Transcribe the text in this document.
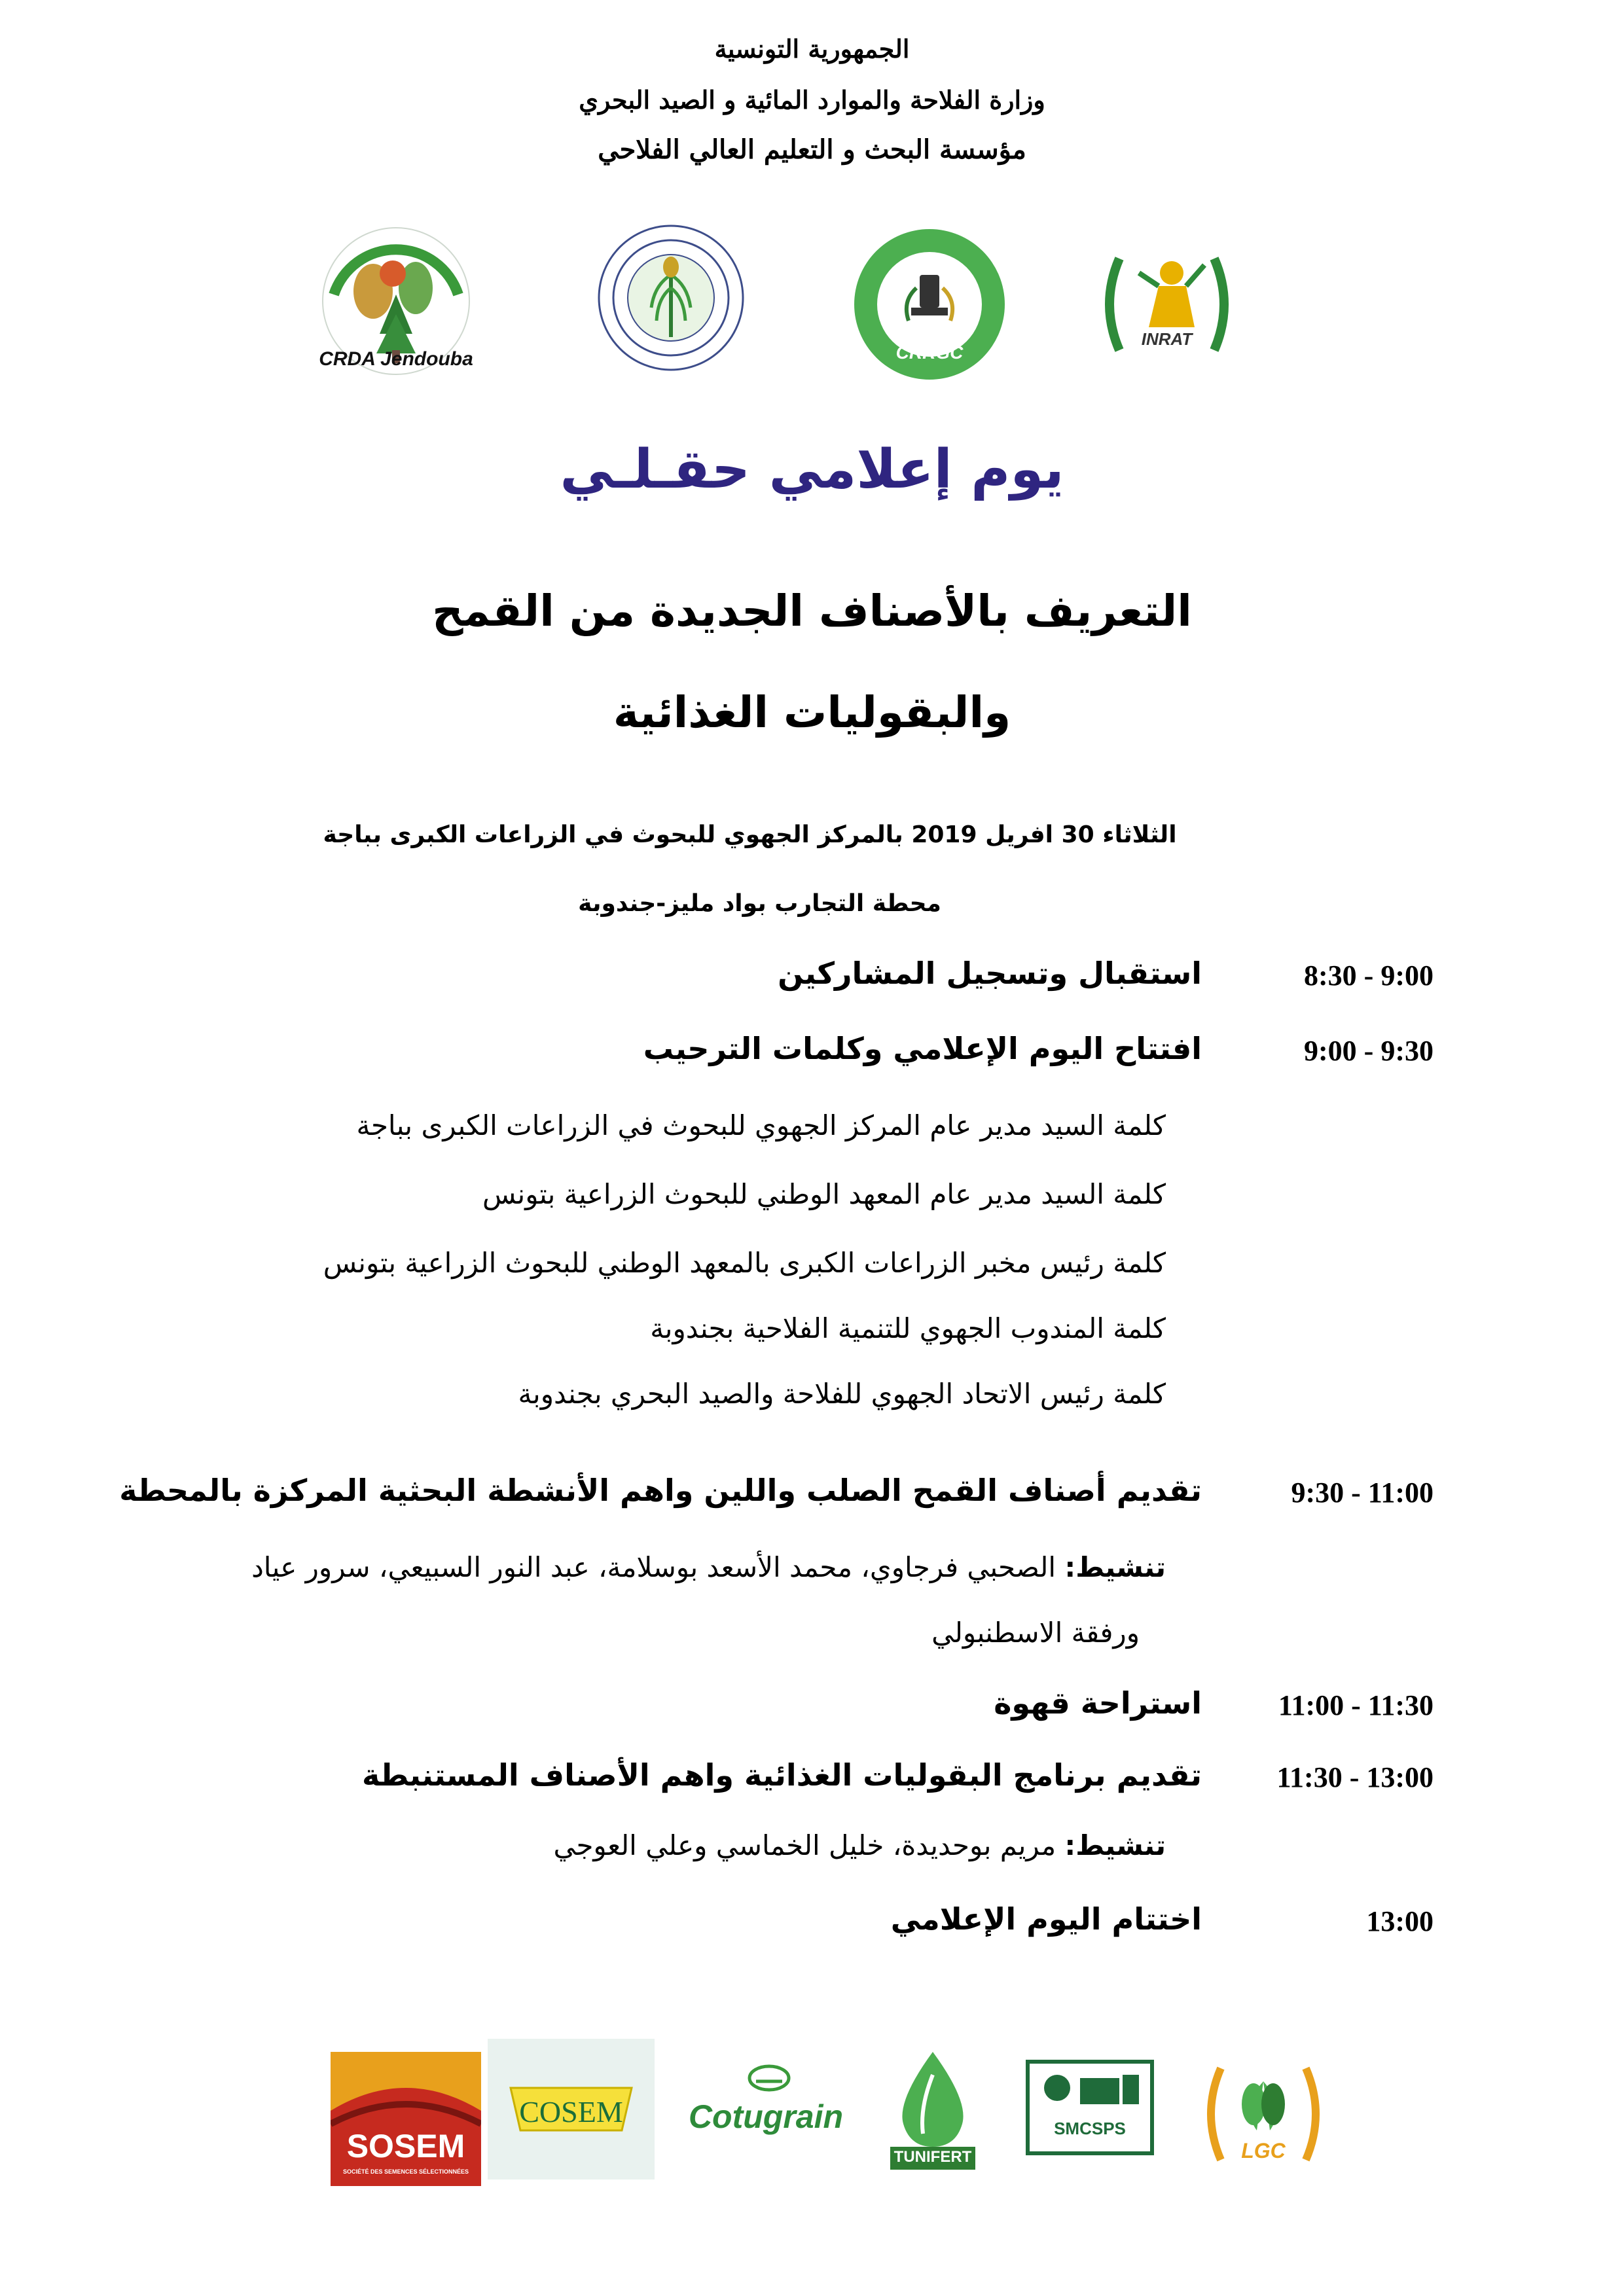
الجمهورية التونسية
وزارة الفلاحة والموارد المائية و الصيد البحري
مؤسسة البحث و التعليم العالي الفلاحي
CRDA Jendouba	CRRGC
INRAT
يوم إعلامي حقـلـي
التعريف بالأصناف الجديدة من القمح
والبقوليات الغذائية
الثلاثاء 30 افريل 2019 بالمركز الجهوي للبحوث في الزراعات الكبرى بباجة
محطة التجارب بواد مليز-جندوبة
8:30 - 9:00
استقبال وتسجيل المشاركين
9:00 - 9:30
افتتاح اليوم الإعلامي وكلمات الترحيب
كلمة السيد مدير عام المركز الجهوي للبحوث في الزراعات الكبرى بباجة
كلمة السيد مدير عام المعهد الوطني للبحوث الزراعية بتونس
كلمة رئيس مخبر الزراعات الكبرى بالمعهد الوطني للبحوث الزراعية بتونس
كلمة المندوب الجهوي للتنمية الفلاحية بجندوبة
كلمة رئيس الاتحاد الجهوي للفلاحة والصيد البحري بجندوبة
9:30 - 11:00
تقديم أصناف القمح الصلب واللين واهم الأنشطة البحثية المركزة بالمحطة
تنشيط: الصحبي فرجاوي، محمد الأسعد بوسلامة، عبد النور السبيعي، سرور عياد
ورفقة الاسطنبولي
11:00 - 11:30
استراحة قهوة
11:30 - 13:00
تقديم برنامج البقوليات الغذائية واهم الأصناف المستنبطة
تنشيط: مريم بوحديدة، خليل الخماسي وعلي العوجي
13:00
اختتام اليوم الإعلامي
SOSEM
SOCIÉTÉ DES SEMENCES SÉLECTIONNÉES
COSEM	Cotugrain
TUNIFERT
SMCSPS
LGC
